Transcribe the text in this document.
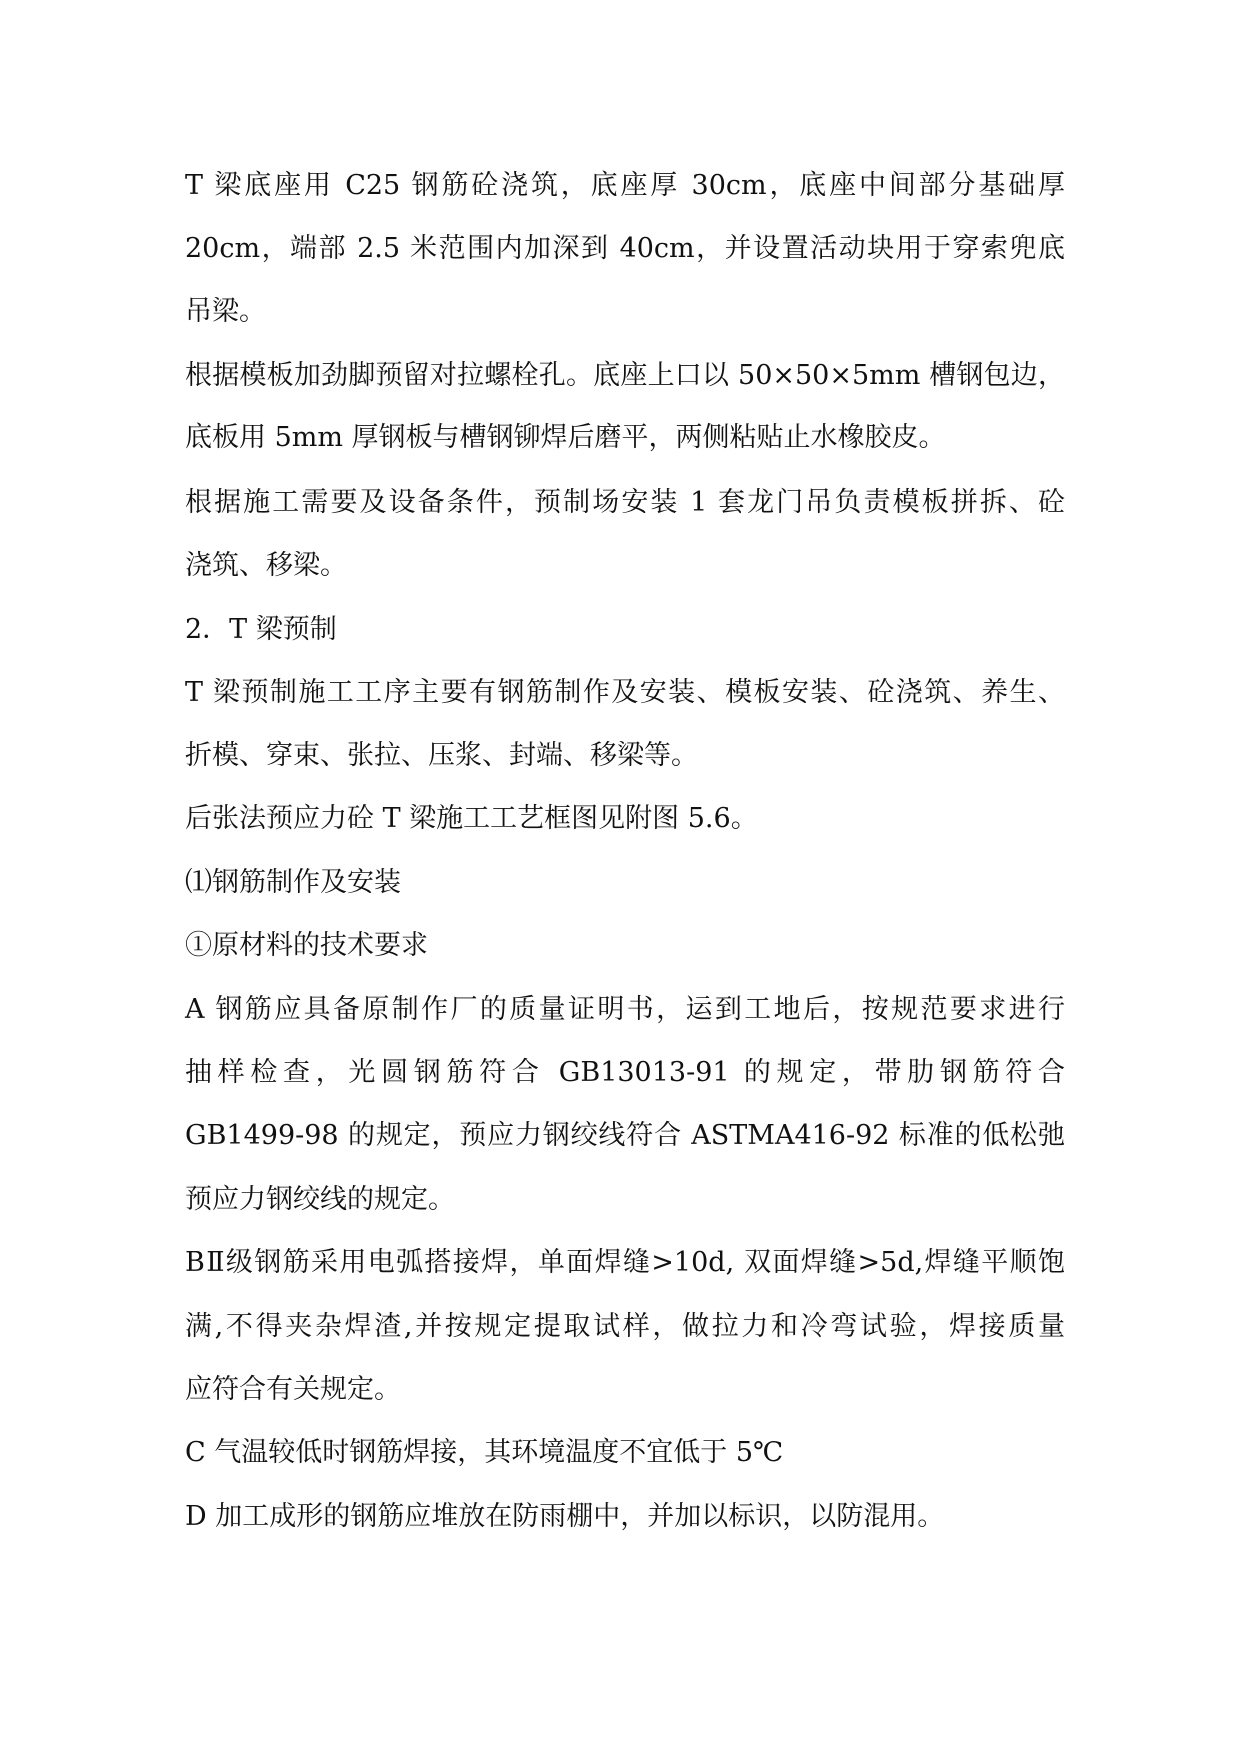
T 梁底座用 C25 钢筋砼浇筑，底座厚 30cm，底座中间部分基础厚
20cm，端部 2.5 米范围内加深到 40cm，并设置活动块用于穿索兜底
吊梁。
根据模板加劲脚预留对拉螺栓孔。底座上口以 50×50×5mm 槽钢包边，
底板用 5mm 厚钢板与槽钢铆焊后磨平，两侧粘贴止水橡胶皮。
根据施工需要及设备条件，预制场安装 1 套龙门吊负责模板拼拆、砼
浇筑、移梁。
2．T 梁预制
T 梁预制施工工序主要有钢筋制作及安装、模板安装、砼浇筑、养生、
折模、穿束、张拉、压浆、封端、移梁等。
后张法预应力砼 T 梁施工工艺框图见附图 5.6。
⑴钢筋制作及安装
①原材料的技术要求
A 钢筋应具备原制作厂的质量证明书，运到工地后，按规范要求进行
抽样检查，光圆钢筋符合 GB13013-91 的规定，带肋钢筋符合
GB1499-98 的规定，预应力钢绞线符合 ASTMA416-92 标准的低松弛
预应力钢绞线的规定。
BⅡ级钢筋采用电弧搭接焊，单面焊缝>10d, 双面焊缝>5d,焊缝平顺饱
满,不得夹杂焊渣,并按规定提取试样，做拉力和冷弯试验，焊接质量
应符合有关规定。
C 气温较低时钢筋焊接，其环境温度不宜低于 5℃
D 加工成形的钢筋应堆放在防雨棚中，并加以标识，以防混用。
